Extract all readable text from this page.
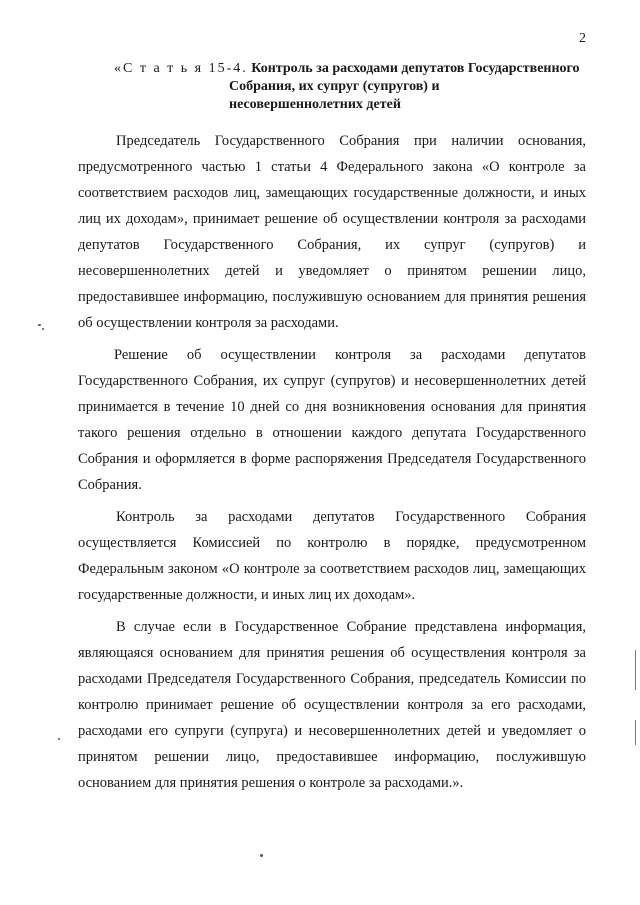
2
«С т а т ь я 15-4. Контроль за расходами депутатов Государственного
Собрания, их супруг (супругов) и
несовершеннолетних детей

Председатель Государственного Собрания при наличии основания, предусмотренного частью 1 статьи 4 Федерального закона «О контроле за соответствием расходов лиц, замещающих государственные должности, и иных лиц их доходам», принимает решение об осуществлении контроля за расходами депутатов Государственного Собрания, их супруг (супругов) и несовершеннолетних детей и уведомляет о принятом решении лицо, предоставившее информацию, послужившую основанием для принятия решения об осуществлении контроля за расходами.

Решение об осуществлении контроля за расходами депутатов Государственного Собрания, их супруг (супругов) и несовершеннолетних детей принимается в течение 10 дней со дня возникновения основания для принятия такого решения отдельно в отношении каждого депутата Государственного Собрания и оформляется в форме распоряжения Председателя Государственного Собрания.

Контроль за расходами депутатов Государственного Собрания осуществляется Комиссией по контролю в порядке, предусмотренном Федеральным законом «О контроле за соответствием расходов лиц, замещающих государственные должности, и иных лиц их доходам».

В случае если в Государственное Собрание представлена информация, являющаяся основанием для принятия решения об осуществления контроля за расходами Председателя Государственного Собрания, председатель Комиссии по контролю принимает решение об осуществлении контроля за его расходами, расходами его супруги (супруга) и несовершеннолетних детей и уведомляет о принятом решении лицо, предоставившее информацию, послужившую основанием для принятия решения о контроле за расходами.».
